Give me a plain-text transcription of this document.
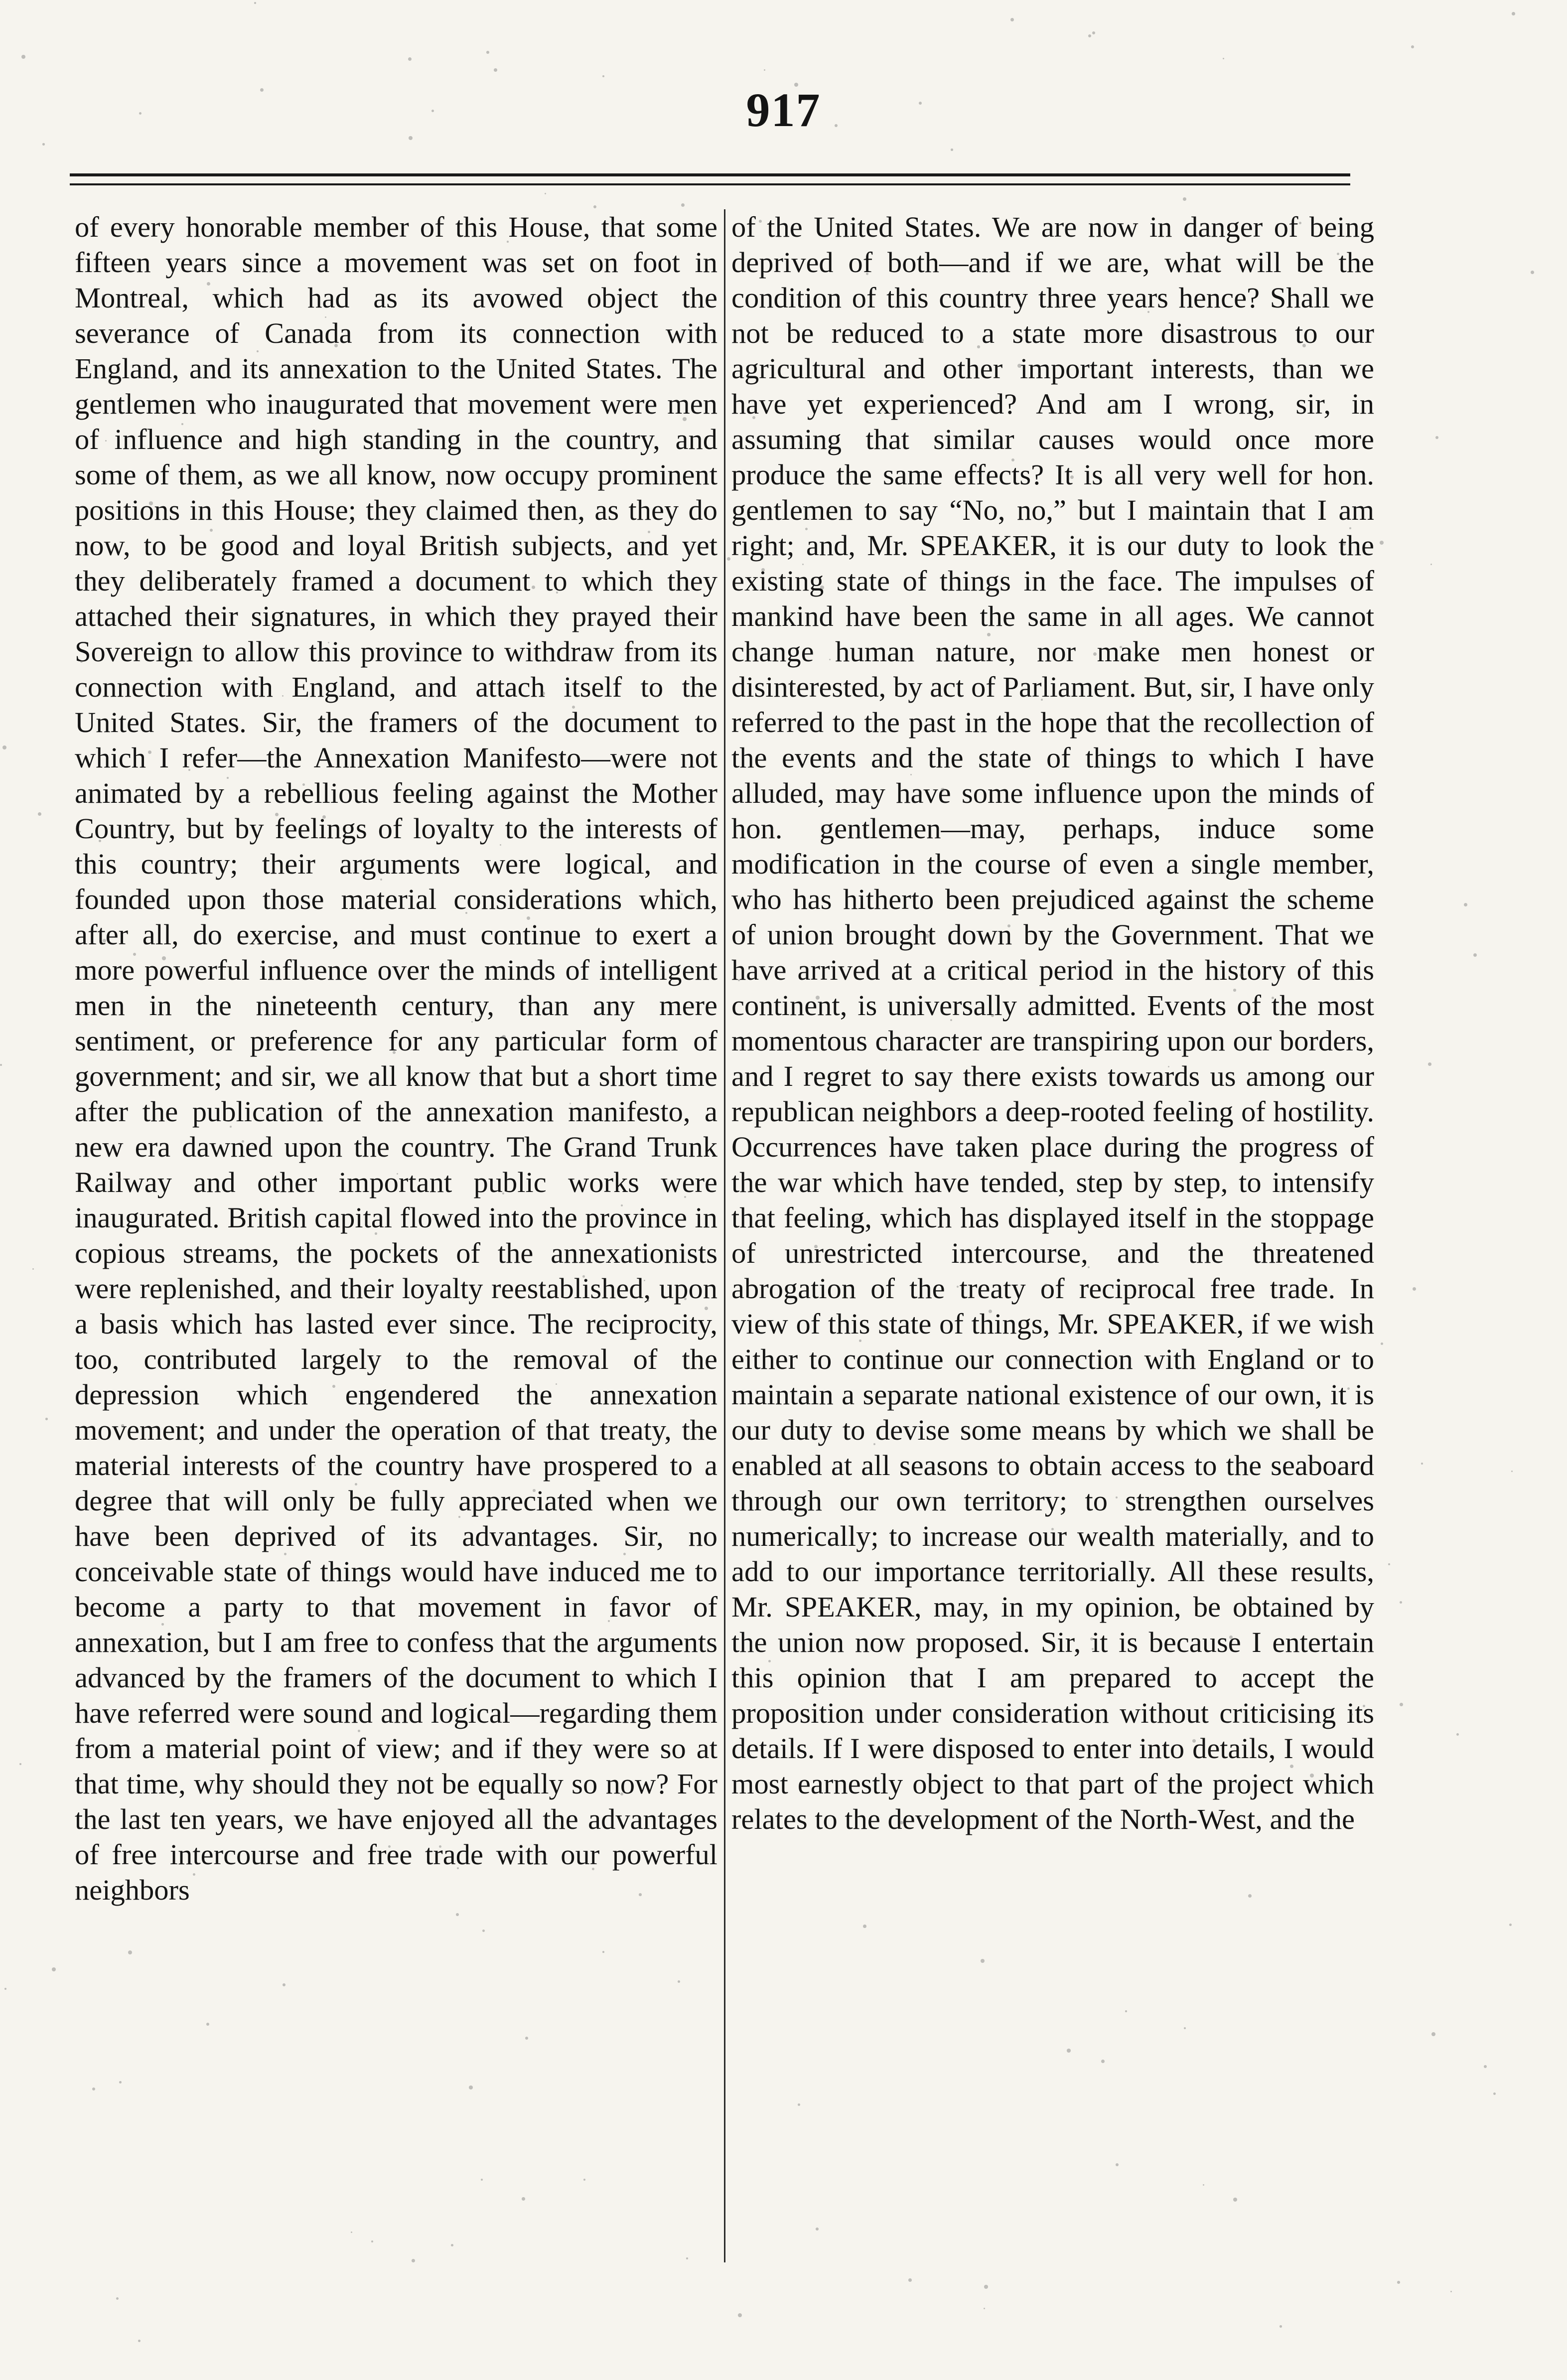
917

of every honorable member of this House, that some fifteen years since a movement was set on foot in Montreal, which had as its avowed object the severance of Canada from its connection with England, and its annexation to the United States. The gentlemen who inaugurated that movement were men of influence and high standing in the country, and some of them, as we all know, now occupy prominent positions in this House; they claimed then, as they do now, to be good and loyal British subjects, and yet they deliberately framed a document to which they attached their signatures, in which they prayed their Sovereign to allow this province to withdraw from its connection with England, and attach itself to the United States. Sir, the framers of the document to which I refer—the Annexation Manifesto—were not animated by a rebellious feeling against the Mother Country, but by feelings of loyalty to the interests of this country; their arguments were logical, and founded upon those material considerations which, after all, do exercise, and must continue to exert a more powerful influence over the minds of intelligent men in the nineteenth century, than any mere sentiment, or preference for any particular form of government; and sir, we all know that but a short time after the publication of the annexation manifesto, a new era dawned upon the country. The Grand Trunk Railway and other important public works were inaugurated. British capital flowed into the province in copious streams, the pockets of the annexationists were replenished, and their loyalty reestablished, upon a basis which has lasted ever since. The reciprocity, too, contributed largely to the removal of the depression which engendered the annexation movement; and under the operation of that treaty, the material interests of the country have prospered to a degree that will only be fully appreciated when we have been deprived of its advantages. Sir, no conceivable state of things would have induced me to become a party to that movement in favor of annexation, but I am free to confess that the arguments advanced by the framers of the document to which I have referred were sound and logical—regarding them from a material point of view; and if they were so at that time, why should they not be equally so now? For the last ten years, we have enjoyed all the advantages of free intercourse and free trade with our powerful neighbors

of the United States. We are now in danger of being deprived of both—and if we are, what will be the condition of this country three years hence? Shall we not be reduced to a state more disastrous to our agricultural and other important interests, than we have yet experienced? And am I wrong, sir, in assuming that similar causes would once more produce the same effects? It is all very well for hon. gentlemen to say “No, no,” but I maintain that I am right; and, Mr. SPEAKER, it is our duty to look the existing state of things in the face. The impulses of mankind have been the same in all ages. We cannot change human nature, nor make men honest or disinterested, by act of Parliament. But, sir, I have only referred to the past in the hope that the recollection of the events and the state of things to which I have alluded, may have some influence upon the minds of hon. gentlemen—may, perhaps, induce some modification in the course of even a single member, who has hitherto been prejudiced against the scheme of union brought down by the Government. That we have arrived at a critical period in the history of this continent, is universally admitted. Events of the most momentous character are transpiring upon our borders, and I regret to say there exists towards us among our republican neighbors a deep-rooted feeling of hostility. Occurrences have taken place during the progress of the war which have tended, step by step, to intensify that feeling, which has displayed itself in the stoppage of unrestricted intercourse, and the threatened abrogation of the treaty of reciprocal free trade. In view of this state of things, Mr. SPEAKER, if we wish either to continue our connection with England or to maintain a separate national existence of our own, it is our duty to devise some means by which we shall be enabled at all seasons to obtain access to the seaboard through our own territory; to strengthen ourselves numerically; to increase our wealth materially, and to add to our importance territorially. All these results, Mr. SPEAKER, may, in my opinion, be obtained by the union now proposed. Sir, it is because I entertain this opinion that I am prepared to accept the proposition under consideration without criticising its details. If I were disposed to enter into details, I would most earnestly object to that part of the project which relates to the development of the North-West, and the
